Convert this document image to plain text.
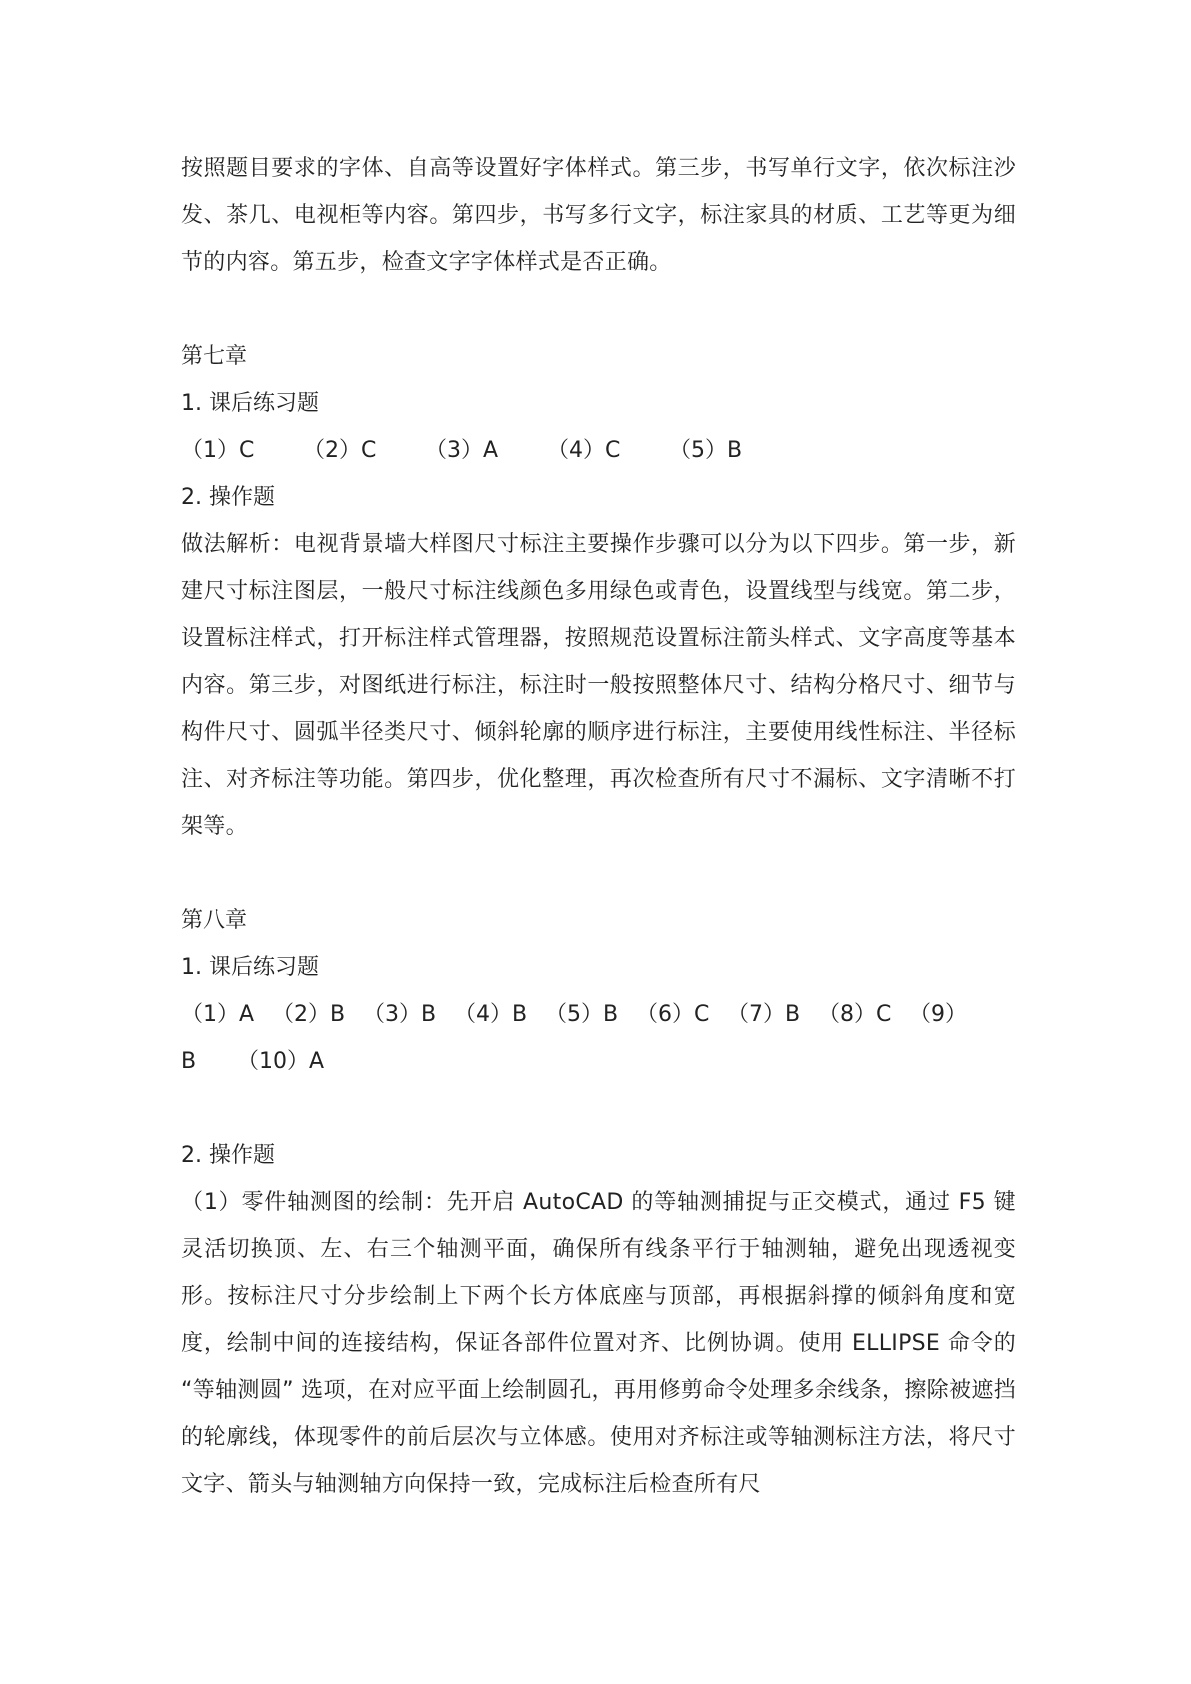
按照题目要求的字体、自高等设置好字体样式。第三步，书写单行文字，依次标注沙发、茶几、电视柜等内容。第四步，书写多行文字，标注家具的材质、工艺等更为细节的内容。第五步，检查文字字体样式是否正确。

第七章

1. 课后练习题

（1）C	（2）C	（3）A	（4）C	（5）B

2. 操作题

做法解析：电视背景墙大样图尺寸标注主要操作步骤可以分为以下四步。第一步，新建尺寸标注图层，一般尺寸标注线颜色多用绿色或青色，设置线型与线宽。第二步，设置标注样式，打开标注样式管理器，按照规范设置标注箭头样式、文字高度等基本内容。第三步，对图纸进行标注，标注时一般按照整体尺寸、结构分格尺寸、细节与构件尺寸、圆弧半径类尺寸、倾斜轮廓的顺序进行标注，主要使用线性标注、半径标注、对齐标注等功能。第四步，优化整理，再次检查所有尺寸不漏标、文字清晰不打架等。

第八章

1. 课后练习题

（1）A （2）B （3）B （4）B （5）B （6）C （7）B （8）C （9）
B	（10）A

2. 操作题

（1）零件轴测图的绘制：先开启 AutoCAD 的等轴测捕捉与正交模式，通过 F5 键灵活切换顶、左、右三个轴测平面，确保所有线条平行于轴测轴，避免出现透视变形。按标注尺寸分步绘制上下两个长方体底座与顶部，再根据斜撑的倾斜角度和宽度，绘制中间的连接结构，保证各部件位置对齐、比例协调。使用 ELLIPSE 命令的 “等轴测圆” 选项，在对应平面上绘制圆孔，再用修剪命令处理多余线条，擦除被遮挡的轮廓线，体现零件的前后层次与立体感。使用对齐标注或等轴测标注方法，将尺寸文字、箭头与轴测轴方向保持一致，完成标注后检查所有尺
